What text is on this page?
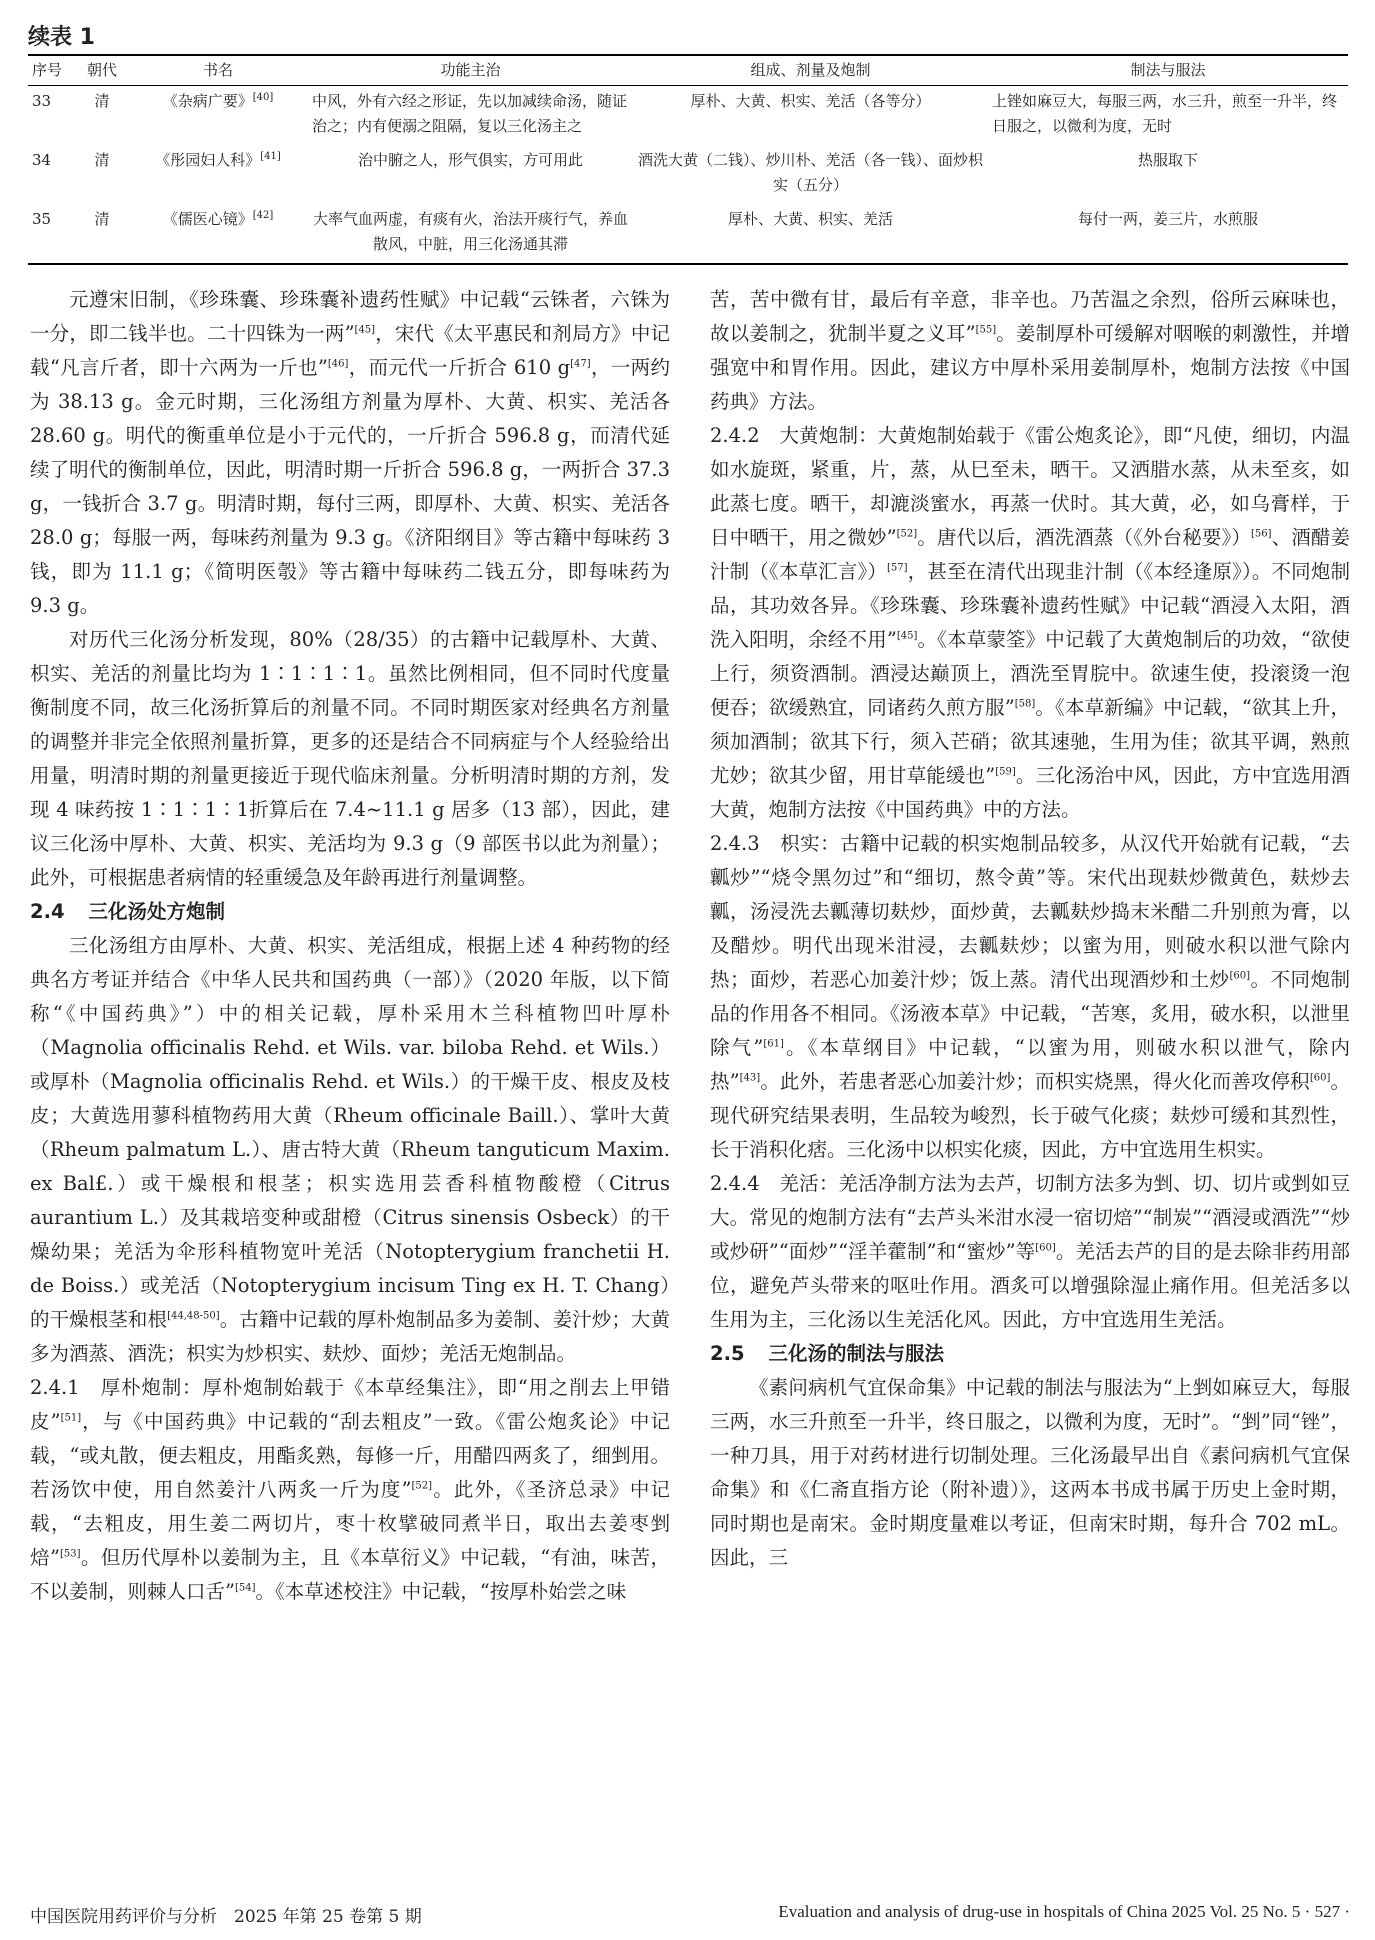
续表 1
序号	朝代	书名	功能主治	组成、剂量及炮制	制法与服法
33	清	《杂病广要》[40]	中风，外有六经之形证，先以加减续命汤，随证治之；内有便溺之阻隔，复以三化汤主之	厚朴、大黄、枳实、羌活（各等分）	上锉如麻豆大，每服三两，水三升，煎至一升半，终日服之，以微利为度，无时
34	清	《彤园妇人科》[41]	治中腑之人，形气俱实，方可用此	酒洗大黄（二钱）、炒川朴、羌活（各一钱）、面炒枳实（五分）	热服取下
35	清	《儒医心镜》[42]	大率气血两虚，有痰有火，治法开痰行气，养血散风，中脏，用三化汤通其滞	厚朴、大黄、枳实、羌活	每付一两，姜三片，水煎服

元遵宋旧制，《珍珠囊、珍珠囊补遗药性赋》中记载“云铢者，六铢为一分，即二钱半也。二十四铢为一两”[45]，宋代《太平惠民和剂局方》中记载“凡言斤者，即十六两为一斤也”[46]，而元代一斤折合 610 g[47]，一两约为 38.13 g。金元时期，三化汤组方剂量为厚朴、大黄、枳实、羌活各 28.60 g。明代的衡重单位是小于元代的，一斤折合 596.8 g，而清代延续了明代的衡制单位，因此，明清时期一斤折合 596.8 g，一两折合 37.3 g，一钱折合 3.7 g。明清时期，每付三两，即厚朴、大黄、枳实、羌活各 28.0 g；每服一两，每味药剂量为 9.3 g。《济阳纲目》等古籍中每味药 3 钱，即为 11.1 g；《简明医彀》等古籍中每味药二钱五分，即每味药为 9.3 g。

对历代三化汤分析发现，80%（28/35）的古籍中记载厚朴、大黄、枳实、羌活的剂量比均为 1∶1∶1∶1。虽然比例相同，但不同时代度量衡制度不同，故三化汤折算后的剂量不同。不同时期医家对经典名方剂量的调整并非完全依照剂量折算，更多的还是结合不同病症与个人经验给出用量，明清时期的剂量更接近于现代临床剂量。分析明清时期的方剂，发现 4 味药按 1∶1∶1∶1折算后在 7.4~11.1 g 居多（13 部），因此，建议三化汤中厚朴、大黄、枳实、羌活均为 9.3 g（9 部医书以此为剂量）；此外，可根据患者病情的轻重缓急及年龄再进行剂量调整。

2.4 三化汤处方炮制

三化汤组方由厚朴、大黄、枳实、羌活组成，根据上述 4 种药物的经典名方考证并结合《中华人民共和国药典（一部）》（2020 年版，以下简称“《中国药典》”）中的相关记载，厚朴采用木兰科植物凹叶厚朴（Magnolia officinalis Rehd. et Wils. var. biloba Rehd. et Wils.）或厚朴（Magnolia officinalis Rehd. et Wils.）的干燥干皮、根皮及枝皮；大黄选用蓼科植物药用大黄（Rheum officinale Baill.）、掌叶大黄（Rheum palmatum L.）、唐古特大黄（Rheum tanguticum Maxim. ex Bal£.）或干燥根和根茎；枳实选用芸香科植物酸橙（Citrus aurantium L.）及其栽培变种或甜橙（Citrus sinensis Osbeck）的干燥幼果；羌活为伞形科植物宽叶羌活（Notopterygium franchetii H. de Boiss.）或羌活（Notopterygium incisum Ting ex H. T. Chang）的干燥根茎和根[44,48-50]。古籍中记载的厚朴炮制品多为姜制、姜汁炒；大黄多为酒蒸、酒洗；枳实为炒枳实、麸炒、面炒；羌活无炮制品。

2.4.1　厚朴炮制：厚朴炮制始载于《本草经集注》，即“用之削去上甲错皮”[51]，与《中国药典》中记载的“刮去粗皮”一致。《雷公炮炙论》中记载，“或丸散，便去粗皮，用酯炙熟，每修一斤，用醋四两炙了，细剉用。若汤饮中使，用自然姜汁八两炙一斤为度”[52]。此外，《圣济总录》中记载，“去粗皮，用生姜二两切片，枣十枚擘破同煮半日，取出去姜枣剉焙”[53]。但历代厚朴以姜制为主，且《本草衍义》中记载，“有油，味苦，不以姜制，则棘人口舌”[54]。《本草述校注》中记载，“按厚朴始尝之味

苦，苦中微有甘，最后有辛意，非辛也。乃苦温之余烈，俗所云麻味也，故以姜制之，犹制半夏之义耳”[55]。姜制厚朴可缓解对咽喉的刺激性，并增强宽中和胃作用。因此，建议方中厚朴采用姜制厚朴，炮制方法按《中国药典》方法。

2.4.2　大黄炮制：大黄炮制始载于《雷公炮炙论》，即“凡使，细切，内温如水旋斑，紧重，片，蒸，从巳至未，晒干。又洒腊水蒸，从未至亥，如此蒸七度。晒干，却漉淡蜜水，再蒸一伏时。其大黄，必，如乌膏样，于日中晒干，用之微妙”[52]。唐代以后，酒洗酒蒸（《外台秘要》）[56]、酒醋姜汁制（《本草汇言》）[57]，甚至在清代出现韭汁制（《本经逢原》）。不同炮制品，其功效各异。《珍珠囊、珍珠囊补遗药性赋》中记载“酒浸入太阳，酒洗入阳明，余经不用”[45]。《本草蒙筌》中记载了大黄炮制后的功效，“欲使上行，须资酒制。酒浸达巅顶上，酒洗至胃脘中。欲速生使，投滚烫一泡便吞；欲缓熟宜，同诸药久煎方服”[58]。《本草新编》中记载，“欲其上升，须加酒制；欲其下行，须入芒硝；欲其速驰，生用为佳；欲其平调，熟煎尤妙；欲其少留，用甘草能缓也”[59]。三化汤治中风，因此，方中宜选用酒大黄，炮制方法按《中国药典》中的方法。

2.4.3　枳实：古籍中记载的枳实炮制品较多，从汉代开始就有记载，“去瓤炒”“烧令黑勿过”和“细切，熬令黄”等。宋代出现麸炒微黄色，麸炒去瓤，汤浸洗去瓤薄切麸炒，面炒黄，去瓤麸炒捣末米醋二升别煎为膏，以及醋炒。明代出现米泔浸，去瓤麸炒；以蜜为用，则破水积以泄气除内热；面炒，若恶心加姜汁炒；饭上蒸。清代出现酒炒和土炒[60]。不同炮制品的作用各不相同。《汤液本草》中记载，“苦寒，炙用，破水积，以泄里除气”[61]。《本草纲目》中记载，“以蜜为用，则破水积以泄气，除内热”[43]。此外，若患者恶心加姜汁炒；而枳实烧黑，得火化而善攻停积[60]。现代研究结果表明，生品较为峻烈，长于破气化痰；麸炒可缓和其烈性，长于消积化痞。三化汤中以枳实化痰，因此，方中宜选用生枳实。

2.4.4　羌活：羌活净制方法为去芦，切制方法多为剉、切、切片或剉如豆大。常见的炮制方法有“去芦头米泔水浸一宿切焙”“制炭”“酒浸或酒洗”“炒或炒研”“面炒”“淫羊藿制”和“蜜炒”等[60]。羌活去芦的目的是去除非药用部位，避免芦头带来的呕吐作用。酒炙可以增强除湿止痛作用。但羌活多以生用为主，三化汤以生羌活化风。因此，方中宜选用生羌活。

2.5 三化汤的制法与服法

《素问病机气宜保命集》中记载的制法与服法为“上剉如麻豆大，每服三两，水三升煎至一升半，终日服之，以微利为度，无时”。“剉”同“锉”，一种刀具，用于对药材进行切制处理。三化汤最早出自《素问病机气宜保命集》和《仁斋直指方论（附补遗）》，这两本书成书属于历史上金时期，同时期也是南宋。金时期度量难以考证，但南宋时期，每升合 702 mL。因此，三

中国医院用药评价与分析　2025 年第 25 卷第 5 期	Evaluation and analysis of drug-use in hospitals of China 2025 Vol. 25 No. 5 · 527 ·
